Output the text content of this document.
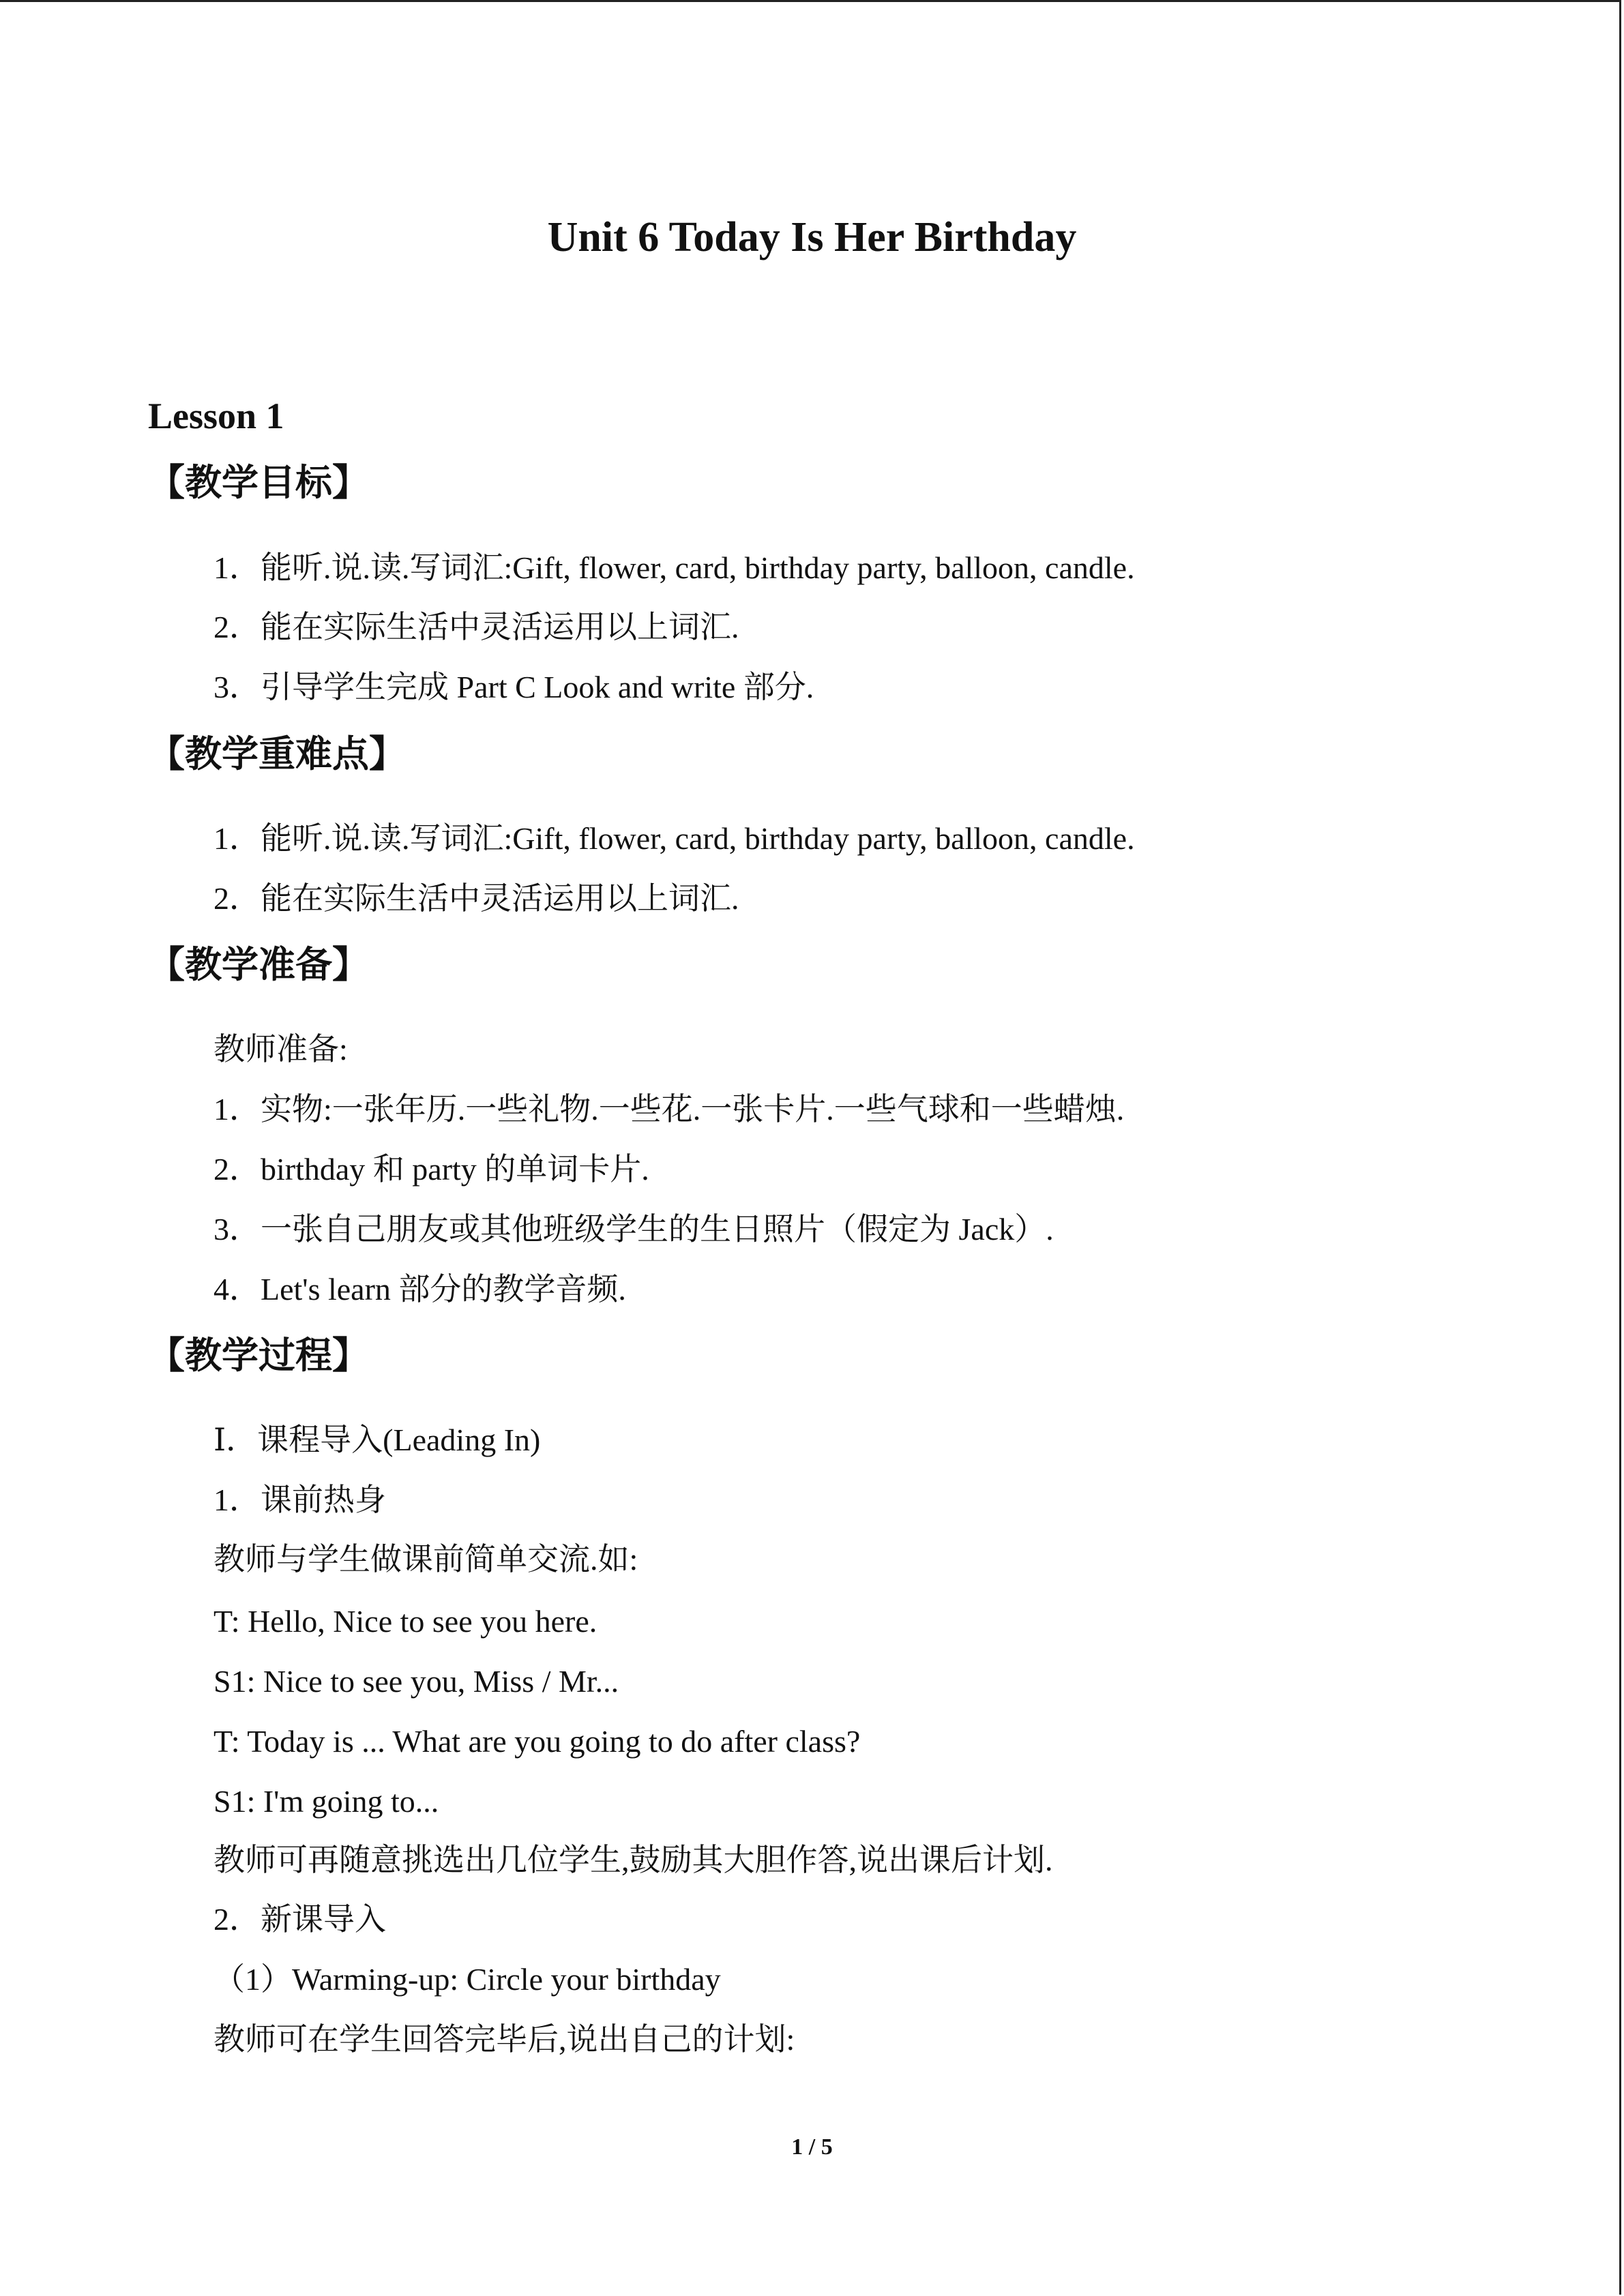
Unit 6 Today Is Her Birthday
Lesson 1
【教学目标】
1．能听.说.读.写词汇:Gift, flower, card, birthday party, balloon, candle.
2．能在实际生活中灵活运用以上词汇.
3．引导学生完成 Part C Look and write 部分.
【教学重难点】
1．能听.说.读.写词汇:Gift, flower, card, birthday party, balloon, candle.
2．能在实际生活中灵活运用以上词汇.
【教学准备】
教师准备:
1．实物:一张年历.一些礼物.一些花.一张卡片.一些气球和一些蜡烛.
2．birthday 和 party 的单词卡片.
3．一张自己朋友或其他班级学生的生日照片（假定为 Jack）.
4．Let's learn 部分的教学音频.
【教学过程】
Ⅰ．课程导入(Leading In)
1．课前热身
教师与学生做课前简单交流.如:
T: Hello, Nice to see you here.
S1: Nice to see you, Miss / Mr...
T: Today is ... What are you going to do after class?
S1: I'm going to...
教师可再随意挑选出几位学生,鼓励其大胆作答,说出课后计划.
2．新课导入
（1）Warming-up: Circle your birthday
教师可在学生回答完毕后,说出自己的计划:
1 / 5
